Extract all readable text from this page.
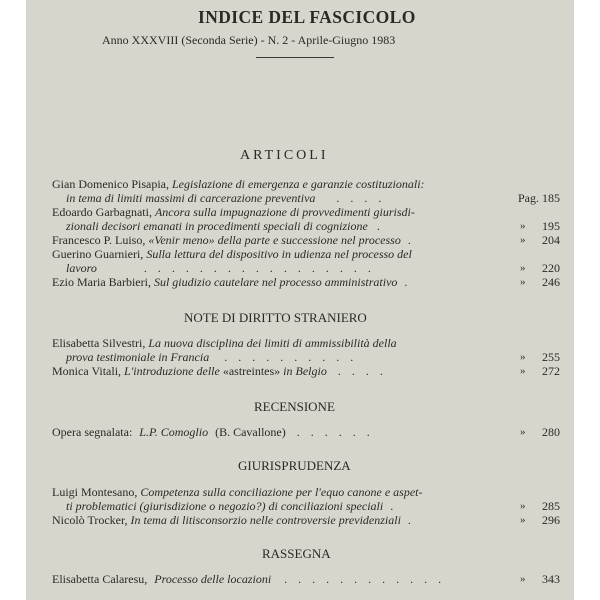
INDICE DEL FASCICOLO
Anno XXXVIII (Seconda Serie) - N. 2 - Aprile-Giugno 1983
ARTICOLI
Gian Domenico Pisapia, Legislazione di emergenza e garanzie costituzionali:
in tema di limiti massimi di carcerazione preventiva . . . .	Pag. 185
Edoardo Garbagnati, Ancora sulla impugnazione di provvedimenti giurisdi-
zionali decisori emanati in procedimenti speciali di cognizione .	» 195
Francesco P. Luiso, «Venir meno» della parte e successione nel processo .	» 204
Guerino Guarnieri, Sulla lettura del dispositivo in udienza nel processo del
lavoro	. . . . . . . . . . . . . . . . .	» 220
Ezio Maria Barbieri, Sul giudizio cautelare nel processo amministrativo .	» 246
NOTE DI DIRITTO STRANIERO
Elisabetta Silvestri, La nuova disciplina dei limiti di ammissibilità della
prova testimoniale in Francia . . . . . . . . . .	» 255
Monica Vitali, L'introduzione delle «astreintes» in Belgio . . . .	» 272
RECENSIONE
Opera segnalata: L.P. Comoglio (B. Cavallone) . . . . . .	» 280
GIURISPRUDENZA
Luigi Montesano, Competenza sulla conciliazione per l'equo canone e aspet-
ti problematici (giurisdizione o negozio?) di conciliazioni speciali .	» 285
Nicolò Trocker, In tema di litisconsorzio nelle controversie previdenziali .	» 296
RASSEGNA
Elisabetta Calaresu, Processo delle locazioni . . . . . . . . . . . .	» 343
